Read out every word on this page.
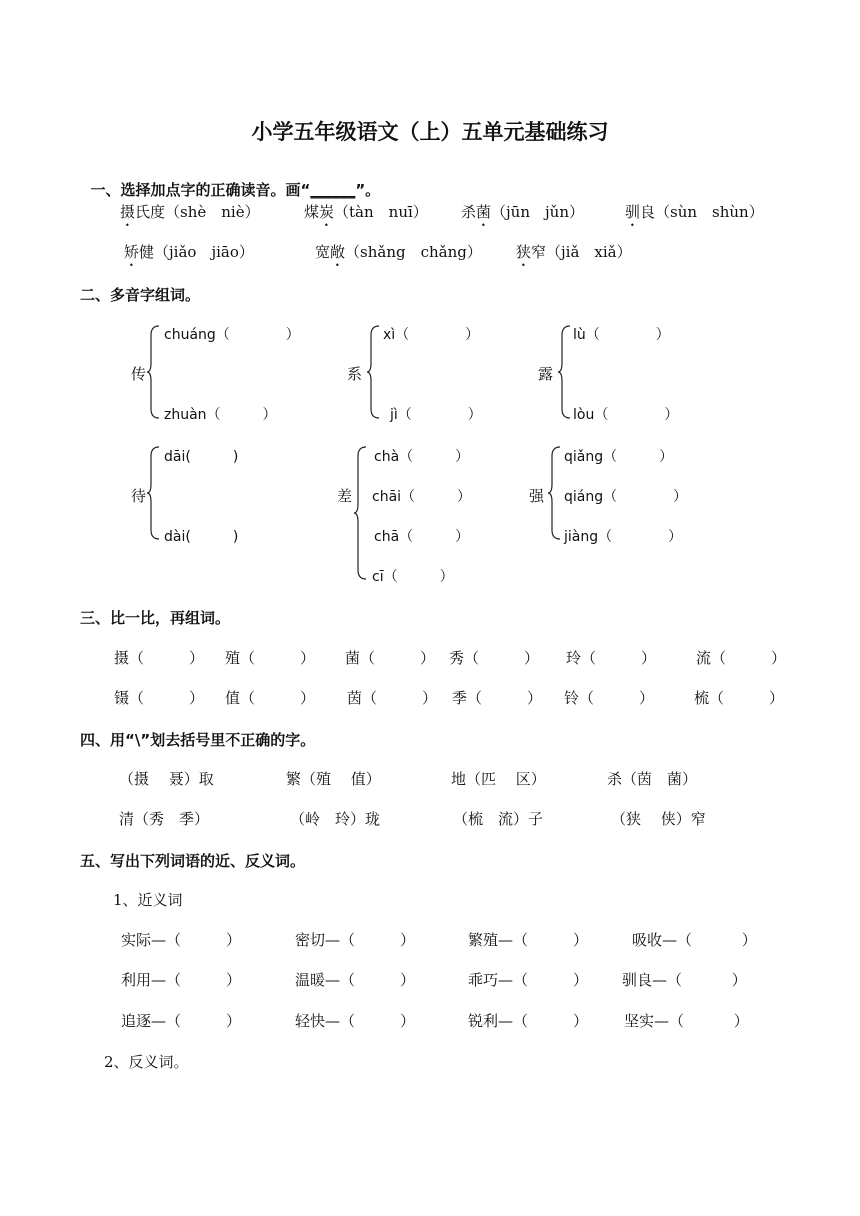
小学五年级语文（上）五单元基础练习

一、选择加点字的正确读音。画“______”。

摄氏度（shè　niè）	煤炭（tàn　nuī） 杀菌（jūn　jǔn）	驯良（sùn　shùn）
矫健（jiǎo　jiāo）	宽敞（shǎng　chǎng） 狭窄（jiǎ　xiǎ）
二、多音字组词。
传
chuáng（　　　　）
zhuàn（　　　）
系
xì（　　　　）
jì（　　　　）
露
lù（　　　　）
lòu（　　　　）
待
dāi(　　　)
dài(　　　)
差
chà（　　　）
chāi（　　　）
chā（　　　）
cī（　　　）
强
qiǎng（　　　）
qiáng（　　　　）
jiàng（　　　　）
三、比一比，再组词。
摄（　　　） 殖（　　　） 菌（　　　） 秀（　　　） 玲（　　　）	流（　　　）
镊（　　　） 值（　　　） 茵（　　　） 季（　　　） 铃（　　　）	梳（　　　）
四、用“\”划去括号里不正确的字。
（摄　 聂）取	繁（殖　 值）	地（匹　 区）	杀（茵　菌）
清（秀　季）	（岭　玲）珑	（梳　流）子	（狭　 侠）窄
五、写出下列词语的近、反义词。
1、近义词
实际—（　　　）	密切—（　　　）	繁殖—（　　　）	吸收—（　　　 ）
利用—（　　　）	温暖—（　　　）	乖巧—（　　　） 驯良—（　　　 ）
追逐—（　　　）	轻快—（　　　）	锐利—（　　　） 坚实—（　　　 ）
2、反义词。
